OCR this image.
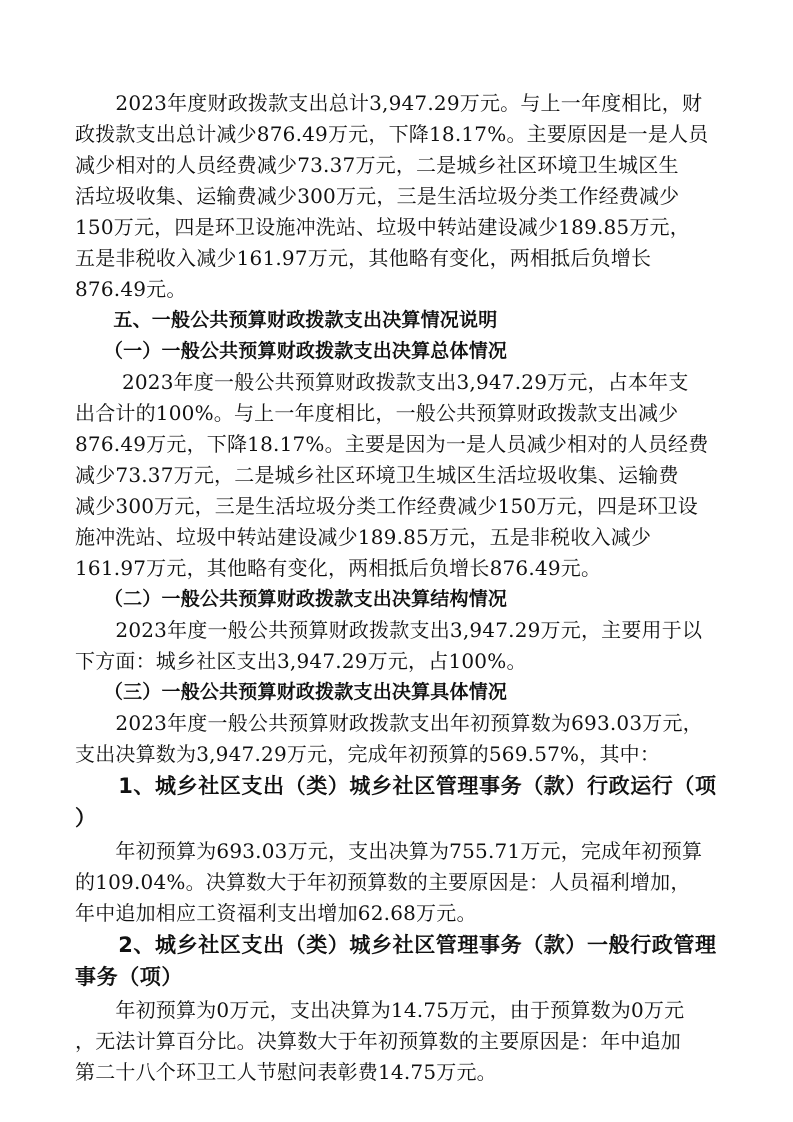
　　2023年度财政拨款支出总计3,947.29万元。与上一年度相比，财
政拨款支出总计减少876.49万元，下降18.17%。主要原因是一是人员
减少相对的人员经费减少73.37万元，二是城乡社区环境卫生城区生
活垃圾收集、运输费减少300万元，三是生活垃圾分类工作经费减少
150万元，四是环卫设施冲洗站、垃圾中转站建设减少189.85万元，
五是非税收入减少161.97万元，其他略有变化，两相抵后负增长
876.49元。
　　五、一般公共预算财政拨款支出决算情况说明
　　（一）一般公共预算财政拨款支出决算总体情况
　　 2023年度一般公共预算财政拨款支出3,947.29万元，占本年支
出合计的100%。与上一年度相比，一般公共预算财政拨款支出减少
876.49万元，下降18.17%。主要是因为一是人员减少相对的人员经费
减少73.37万元，二是城乡社区环境卫生城区生活垃圾收集、运输费
减少300万元，三是生活垃圾分类工作经费减少150万元，四是环卫设
施冲洗站、垃圾中转站建设减少189.85万元，五是非税收入减少
161.97万元，其他略有变化，两相抵后负增长876.49元。
　　（二）一般公共预算财政拨款支出决算结构情况
　　2023年度一般公共预算财政拨款支出3,947.29万元，主要用于以
下方面：城乡社区支出3,947.29万元，占100%。
　　（三）一般公共预算财政拨款支出决算具体情况
　　2023年度一般公共预算财政拨款支出年初预算数为693.03万元，
支出决算数为3,947.29万元，完成年初预算的569.57%，其中：
　　1、城乡社区支出（类）城乡社区管理事务（款）行政运行（项
）
　　年初预算为693.03万元，支出决算为755.71万元，完成年初预算
的109.04%。决算数大于年初预算数的主要原因是：人员福利增加，
年中追加相应工资福利支出增加62.68万元。
　　2、城乡社区支出（类）城乡社区管理事务（款）一般行政管理
事务（项）
　　年初预算为0万元，支出决算为14.75万元，由于预算数为0万元
，无法计算百分比。决算数大于年初预算数的主要原因是：年中追加
第二十八个环卫工人节慰问表彰费14.75万元。
